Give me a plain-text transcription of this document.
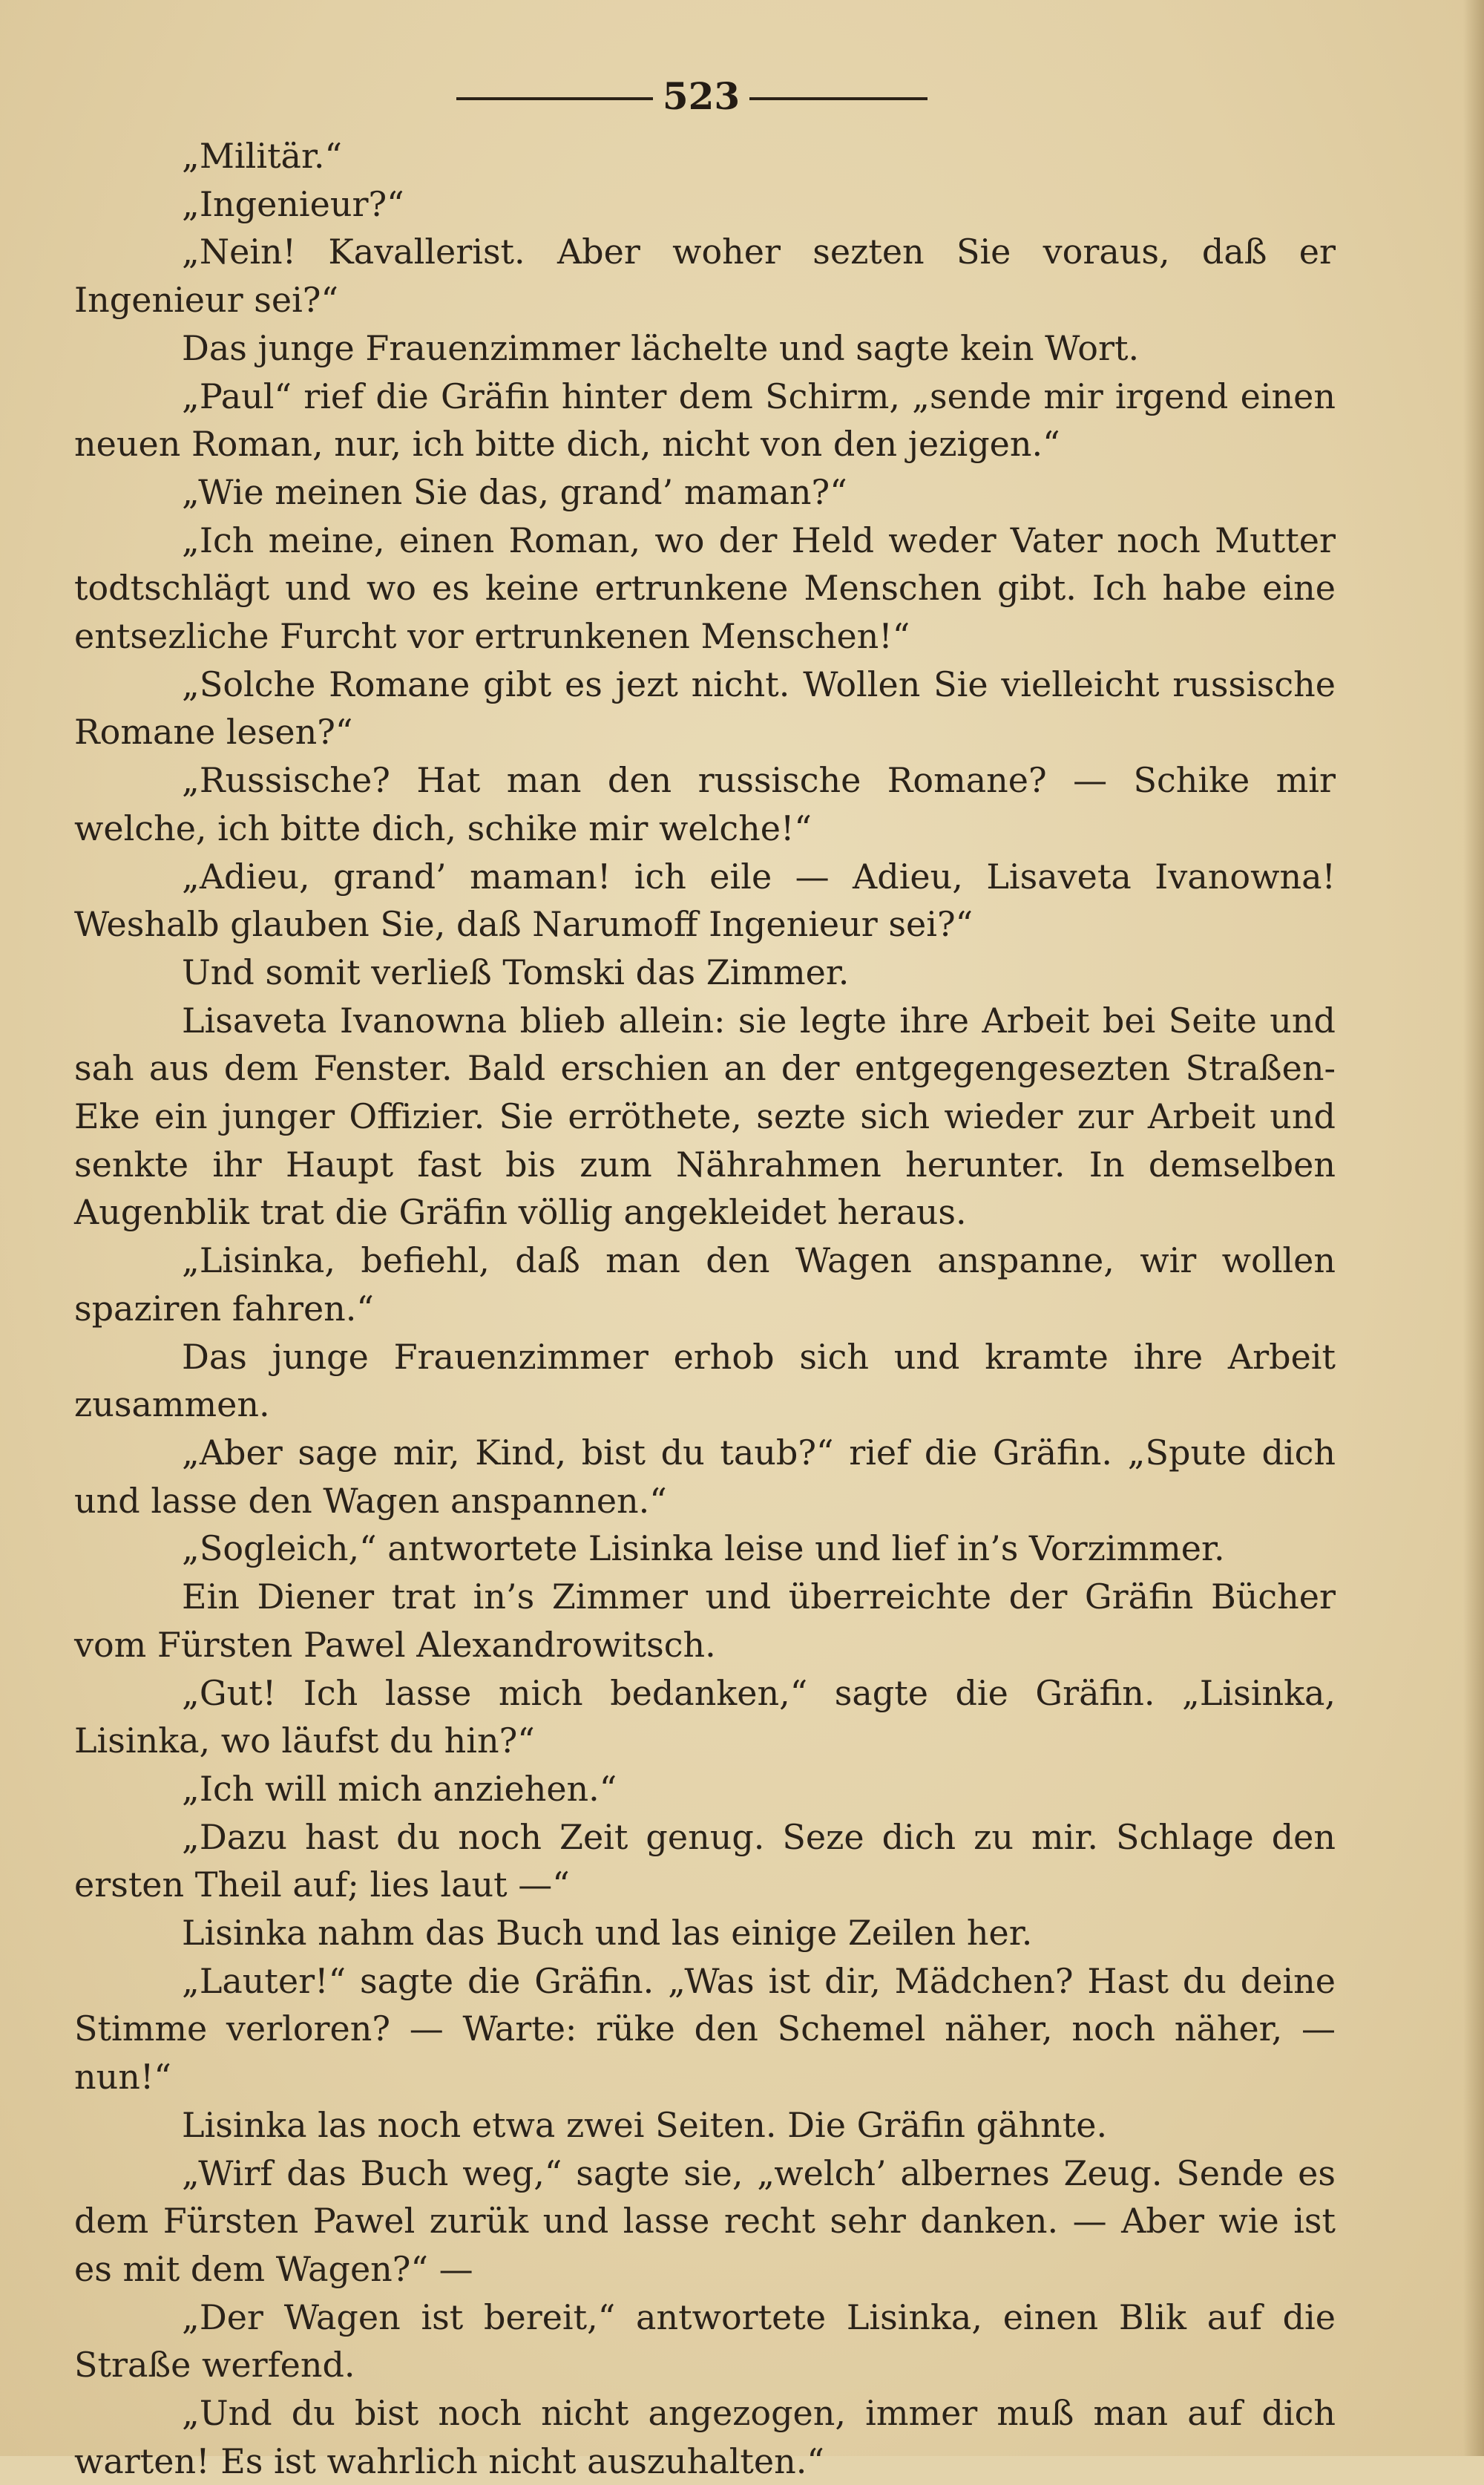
523

„Militär.“

„Ingenieur?“

„Nein! Kavallerist. Aber woher sezten Sie voraus, daß er Ingenieur sei?“

Das junge Frauenzimmer lächelte und sagte kein Wort.

„Paul“ rief die Gräfin hinter dem Schirm, „sende mir irgend einen neuen Roman, nur, ich bitte dich, nicht von den jezigen.“

„Wie meinen Sie das, grand’ maman?“

„Ich meine, einen Roman, wo der Held weder Vater noch Mutter todtschlägt und wo es keine ertrunkene Menschen gibt. Ich habe eine entsezliche Furcht vor ertrunkenen Menschen!“

„Solche Romane gibt es jezt nicht. Wollen Sie vielleicht russische Romane lesen?“

„Russische? Hat man den russische Romane? — Schike mir welche, ich bitte dich, schike mir welche!“

„Adieu, grand’ maman! ich eile — Adieu, Lisaveta Ivanowna! Weshalb glauben Sie, daß Narumoff Ingenieur sei?“

Und somit verließ Tomski das Zimmer.

Lisaveta Ivanowna blieb allein: sie legte ihre Arbeit bei Seite und sah aus dem Fenster. Bald erschien an der entgegengesezten Straßen-Eke ein junger Offizier. Sie erröthete, sezte sich wieder zur Arbeit und senkte ihr Haupt fast bis zum Nährahmen herunter. In demselben Augenblik trat die Gräfin völlig angekleidet heraus.

„Lisinka, befiehl, daß man den Wagen anspanne, wir wollen spaziren fahren.“

Das junge Frauenzimmer erhob sich und kramte ihre Arbeit zusammen.

„Aber sage mir, Kind, bist du taub?“ rief die Gräfin. „Spute dich und lasse den Wagen anspannen.“

„Sogleich,“ antwortete Lisinka leise und lief in’s Vorzimmer.

Ein Diener trat in’s Zimmer und überreichte der Gräfin Bücher vom Fürsten Pawel Alexandrowitsch.

„Gut! Ich lasse mich bedanken,“ sagte die Gräfin. „Lisinka, Lisinka, wo läufst du hin?“

„Ich will mich anziehen.“

„Dazu hast du noch Zeit genug. Seze dich zu mir. Schlage den ersten Theil auf; lies laut —“

Lisinka nahm das Buch und las einige Zeilen her.

„Lauter!“ sagte die Gräfin. „Was ist dir, Mädchen? Hast du deine Stimme verloren? — Warte: rüke den Schemel näher, noch näher, — nun!“

Lisinka las noch etwa zwei Seiten. Die Gräfin gähnte.

„Wirf das Buch weg,“ sagte sie, „welch’ albernes Zeug. Sende es dem Fürsten Pawel zurük und lasse recht sehr danken. — Aber wie ist es mit dem Wagen?“ —

„Der Wagen ist bereit,“ antwortete Lisinka, einen Blik auf die Straße werfend.

„Und du bist noch nicht angezogen, immer muß man auf dich warten! Es ist wahrlich nicht auszuhalten.“
